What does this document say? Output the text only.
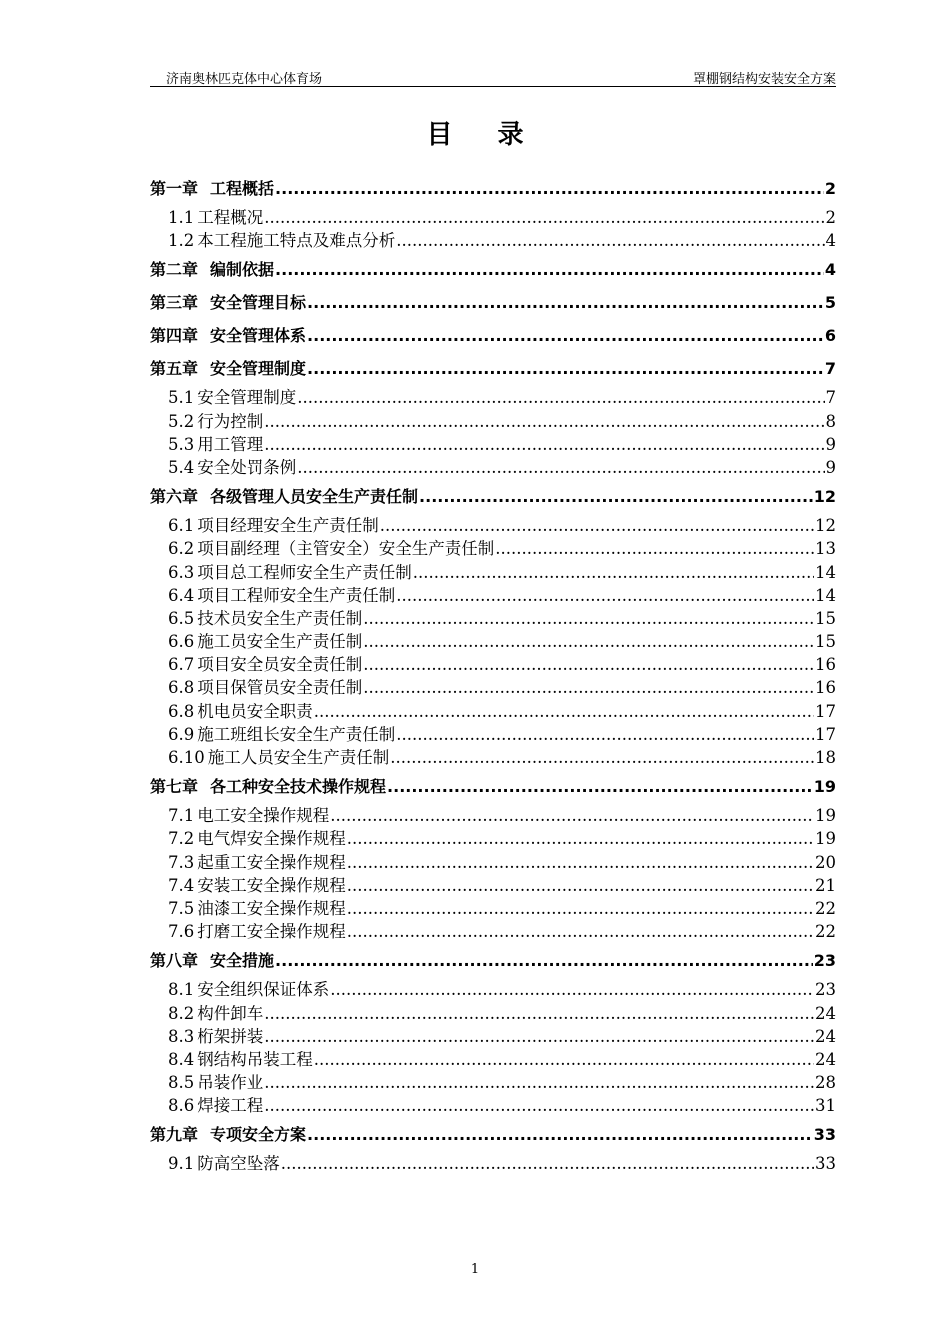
济南奥林匹克体中心体育场	罩棚钢结构安装安全方案
目 录
第一章 工程概括 .....	2
1.1 工程概况 .....	2
1.2 本工程施工特点及难点分析 .....	4
第二章 编制依据 .....	4
第三章 安全管理目标 .....	5
第四章 安全管理体系 .....	6
第五章 安全管理制度 .....	7
5.1 安全管理制度 .....	7
5.2 行为控制 .....	8
5.3 用工管理 .....	9
5.4 安全处罚条例 .....	9
第六章 各级管理人员安全生产责任制 .....	12
6.1 项目经理安全生产责任制 .....	12
6.2 项目副经理（主管安全）安全生产责任制 .....	13
6.3 项目总工程师安全生产责任制 .....	14
6.4 项目工程师安全生产责任制 .....	14
6.5 技术员安全生产责任制 .....	15
6.6 施工员安全生产责任制 .....	15
6.7 项目安全员安全责任制 .....	16
6.8 项目保管员安全责任制 .....	16
6.8 机电员安全职责 .....	17
6.9 施工班组长安全生产责任制 .....	17
6.10 施工人员安全生产责任制 .....	18
第七章 各工种安全技术操作规程 .....	19
7.1 电工安全操作规程 .....	19
7.2 电气焊安全操作规程 .....	19
7.3 起重工安全操作规程 .....	20
7.4 安装工安全操作规程 .....	21
7.5 油漆工安全操作规程 .....	22
7.6 打磨工安全操作规程 .....	22
第八章 安全措施 .....	23
8.1 安全组织保证体系 .....	23
8.2 构件卸车 .....	24
8.3 桁架拼装 .....	24
8.4 钢结构吊装工程 .....	24
8.5 吊装作业 .....	28
8.6 焊接工程 .....	31
第九章 专项安全方案 .....	33
9.1 防高空坠落 .....	33
1
